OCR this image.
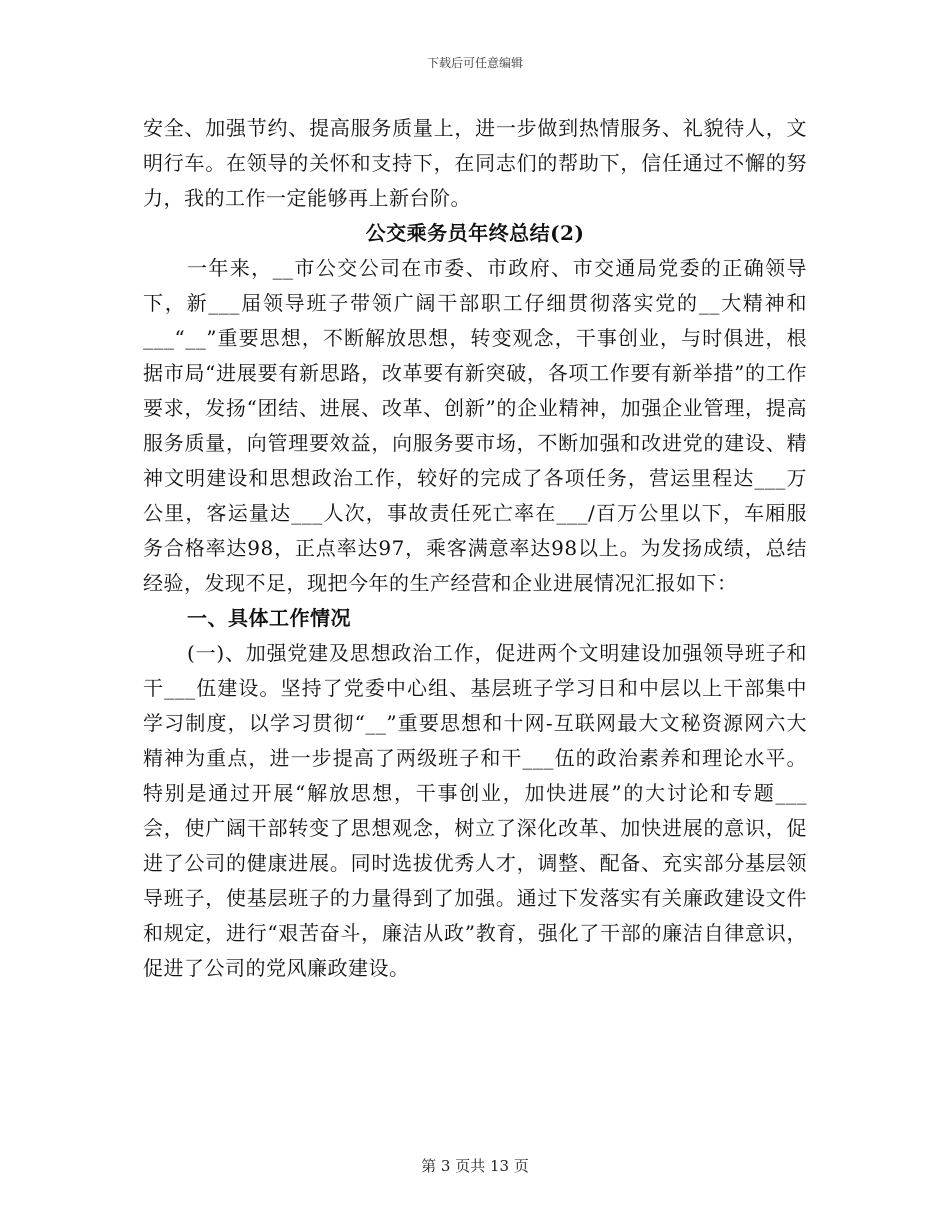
下载后可任意编辑

安全、加强节约、提高服务质量上，进一步做到热情服务、礼貌待人，文明行车。在领导的关怀和支持下，在同志们的帮助下，信任通过不懈的努力，我的工作一定能够再上新台阶。

公交乘务员年终总结(2)

一年来，__市公交公司在市委、市政府、市交通局党委的正确领导下，新___届领导班子带领广阔干部职工仔细贯彻落实党的__大精神和___“__”重要思想，不断解放思想，转变观念，干事创业，与时俱进，根据市局“进展要有新思路，改革要有新突破，各项工作要有新举措”的工作要求，发扬“团结、进展、改革、创新”的企业精神，加强企业管理，提高服务质量，向管理要效益，向服务要市场，不断加强和改进党的建设、精神文明建设和思想政治工作，较好的完成了各项任务，营运里程达___万公里，客运量达___人次，事故责任死亡率在___/百万公里以下，车厢服务合格率达98，正点率达97，乘客满意率达98以上。为发扬成绩，总结经验，发现不足，现把今年的生产经营和企业进展情况汇报如下：

一、具体工作情况

(一)、加强党建及思想政治工作，促进两个文明建设加强领导班子和干___伍建设。坚持了党委中心组、基层班子学习日和中层以上干部集中学习制度，以学习贯彻“__”重要思想和十网-互联网最大文秘资源网六大精神为重点，进一步提高了两级班子和干___伍的政治素养和理论水平。特别是通过开展“解放思想，干事创业，加快进展”的大讨论和专题___会，使广阔干部转变了思想观念，树立了深化改革、加快进展的意识，促进了公司的健康进展。同时选拔优秀人才，调整、配备、充实部分基层领导班子，使基层班子的力量得到了加强。通过下发落实有关廉政建设文件和规定，进行“艰苦奋斗，廉洁从政”教育，强化了干部的廉洁自律意识，促进了公司的党风廉政建设。

第 3 页共 13 页
